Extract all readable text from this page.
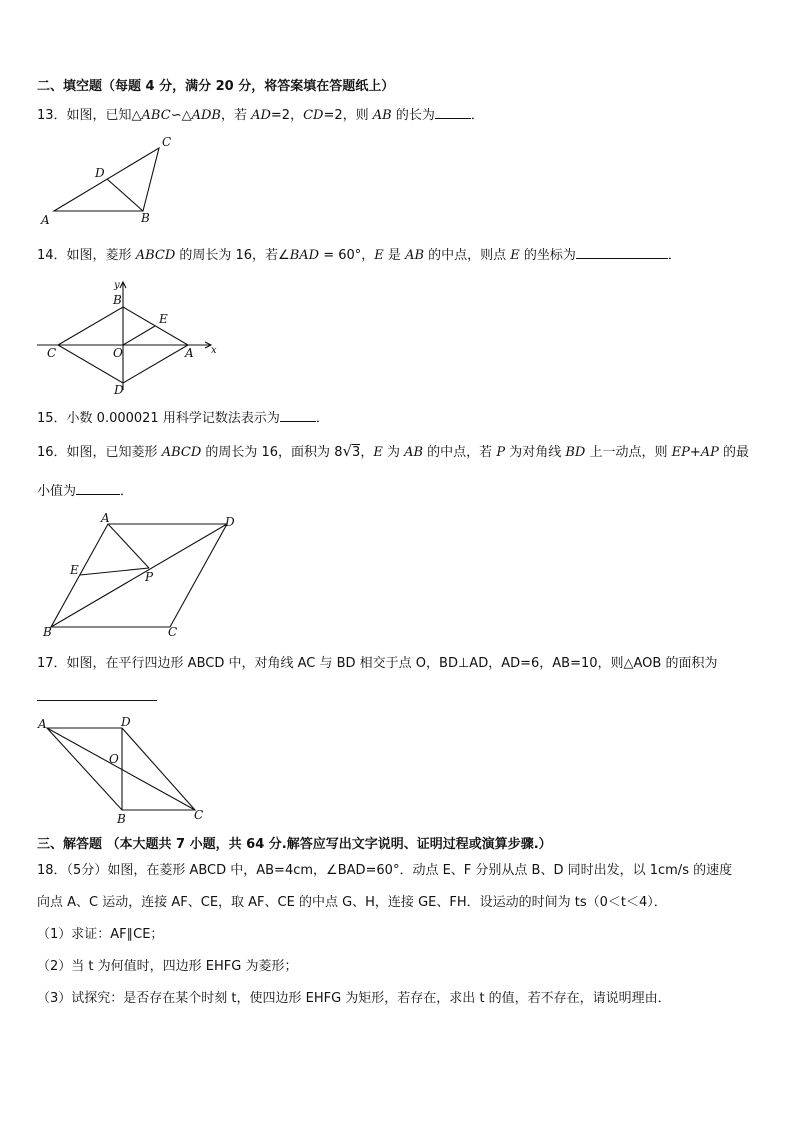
二、填空题（每题 4 分，满分 20 分，将答案填在答题纸上）
13．如图，已知△ABC∽△ADB，若 AD=2，CD=2，则 AB 的长为	．
A	B
C
D
14．如图，菱形 ABCD 的周长为 16，若∠BAD = 60°，E 是 AB 的中点，则点 E 的坐标为	．
y
x
B
E
C	O	A
D
15．小数 0.000021 用科学记数法表示为	．
16．如图，已知菱形 ABCD 的周长为 16，面积为 8√3，E 为 AB 的中点，若 P 为对角线 BD 上一动点，则 EP+AP 的最
小值为	．
A	D
E	P
B	C
17．如图，在平行四边形 ABCD 中，对角线 AC 与 BD 相交于点 O，BD⊥AD，AD=6，AB=10，则△AOB 的面积为
A	D
O
B	C
三、解答题 （本大题共 7 小题，共 64 分.解答应写出文字说明、证明过程或演算步骤.）
18．（5分）如图，在菱形 ABCD 中，AB=4cm，∠BAD=60°．动点 E、F 分别从点 B、D 同时出发，以 1cm/s 的速度
向点 A、C 运动，连接 AF、CE，取 AF、CE 的中点 G、H，连接 GE、FH．设运动的时间为 ts（0＜t＜4）．
（1）求证：AF∥CE；
（2）当 t 为何值时，四边形 EHFG 为菱形；
（3）试探究：是否存在某个时刻 t，使四边形 EHFG 为矩形，若存在，求出 t 的值，若不存在，请说明理由．
